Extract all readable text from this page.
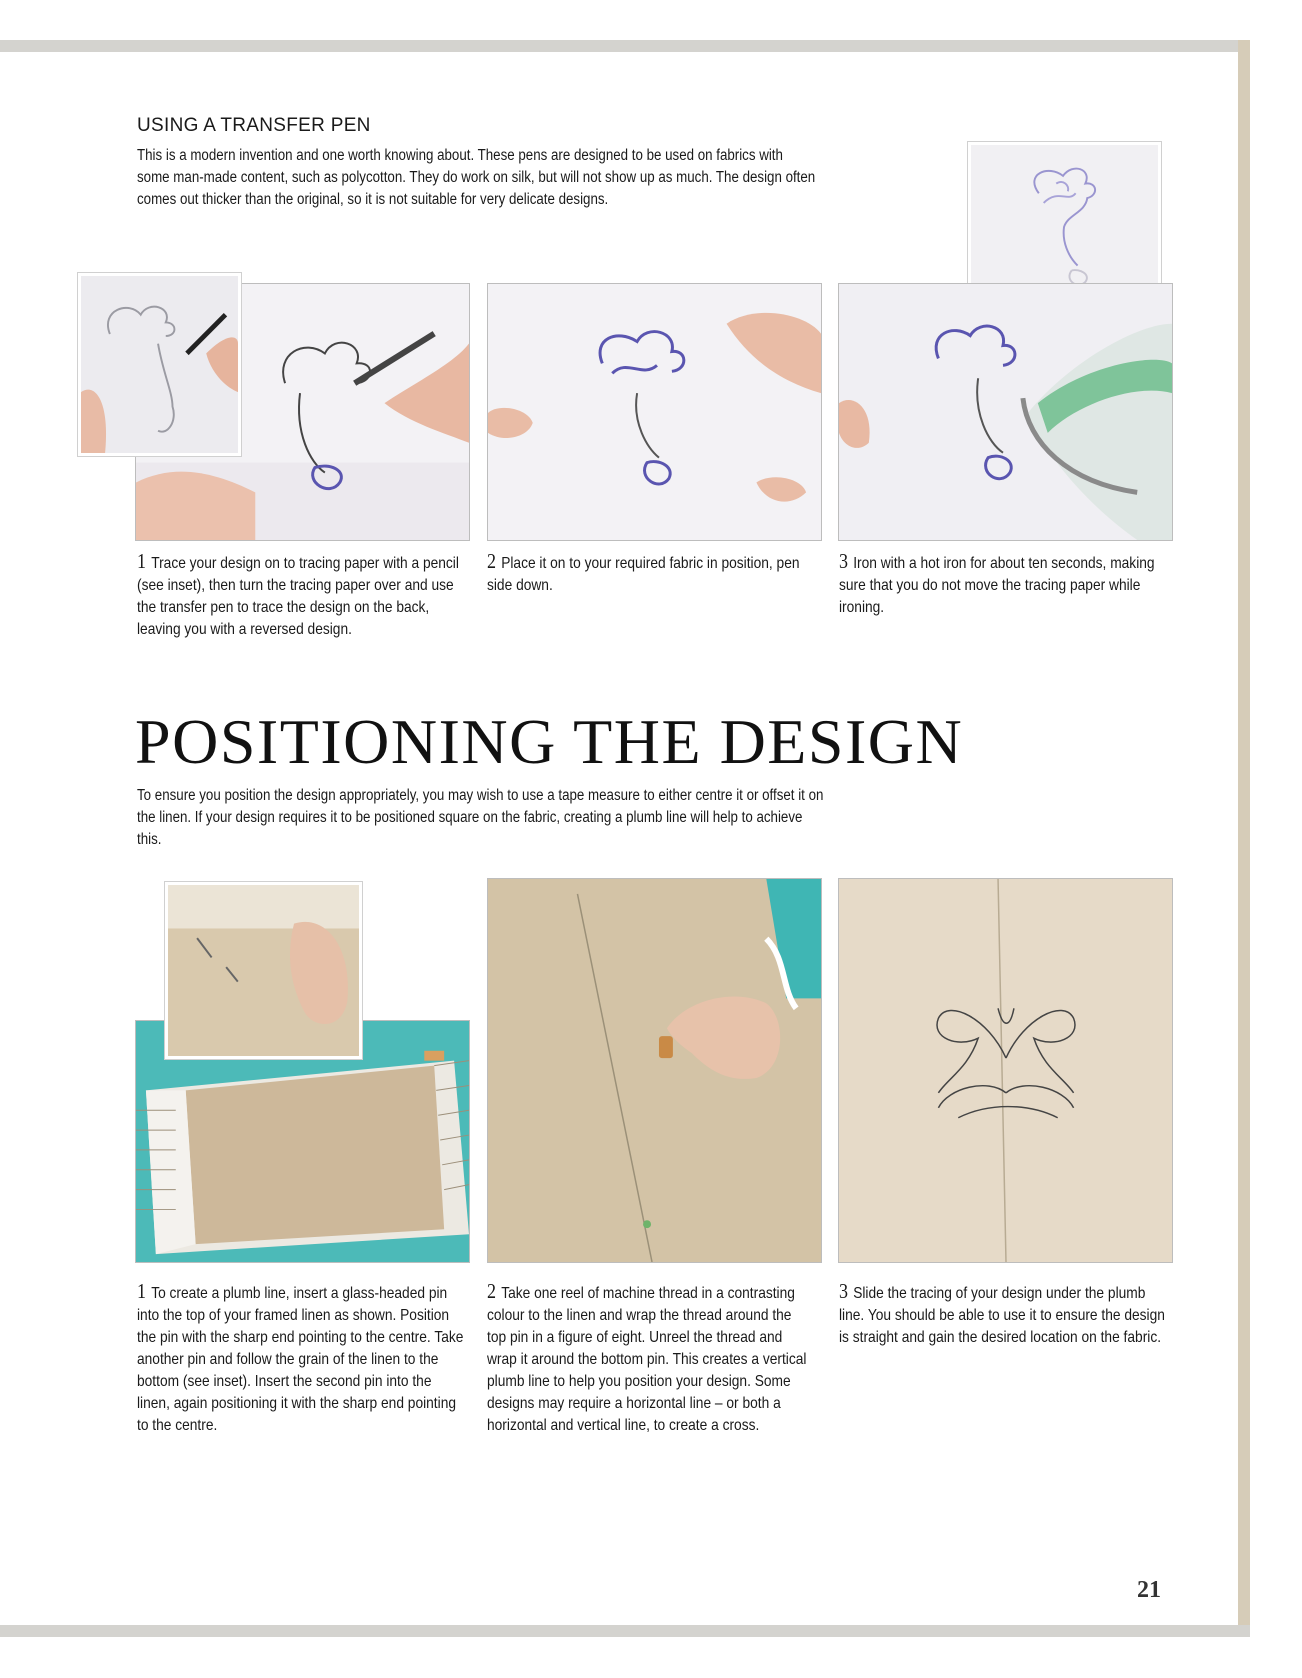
USING A TRANSFER PEN
This is a modern invention and one worth knowing about. These pens are designed to be used on fabrics with some man-made content, such as polycotton. They do work on silk, but will not show up as much. The design often comes out thicker than the original, so it is not suitable for very delicate designs.
1 Trace your design on to tracing paper with a pencil (see inset), then turn the tracing paper over and use the transfer pen to trace the design on the back, leaving you with a reversed design.
2 Place it on to your required fabric in position, pen side down.
3 Iron with a hot iron for about ten seconds, making sure that you do not move the tracing paper while ironing.
POSITIONING THE DESIGN
To ensure you position the design appropriately, you may wish to use a tape measure to either centre it or offset it on the linen. If your design requires it to be positioned square on the fabric, creating a plumb line will help to achieve this.
1 To create a plumb line, insert a glass-headed pin into the top of your framed linen as shown. Position the pin with the sharp end pointing to the centre. Take another pin and follow the grain of the linen to the bottom (see inset). Insert the second pin into the linen, again positioning it with the sharp end pointing to the centre.
2 Take one reel of machine thread in a contrasting colour to the linen and wrap the thread around the top pin in a figure of eight. Unreel the thread and wrap it around the bottom pin. This creates a vertical plumb line to help you position your design. Some designs may require a horizontal line – or both a horizontal and vertical line, to create a cross.
3 Slide the tracing of your design under the plumb line. You should be able to use it to ensure the design is straight and gain the desired location on the fabric.
21
